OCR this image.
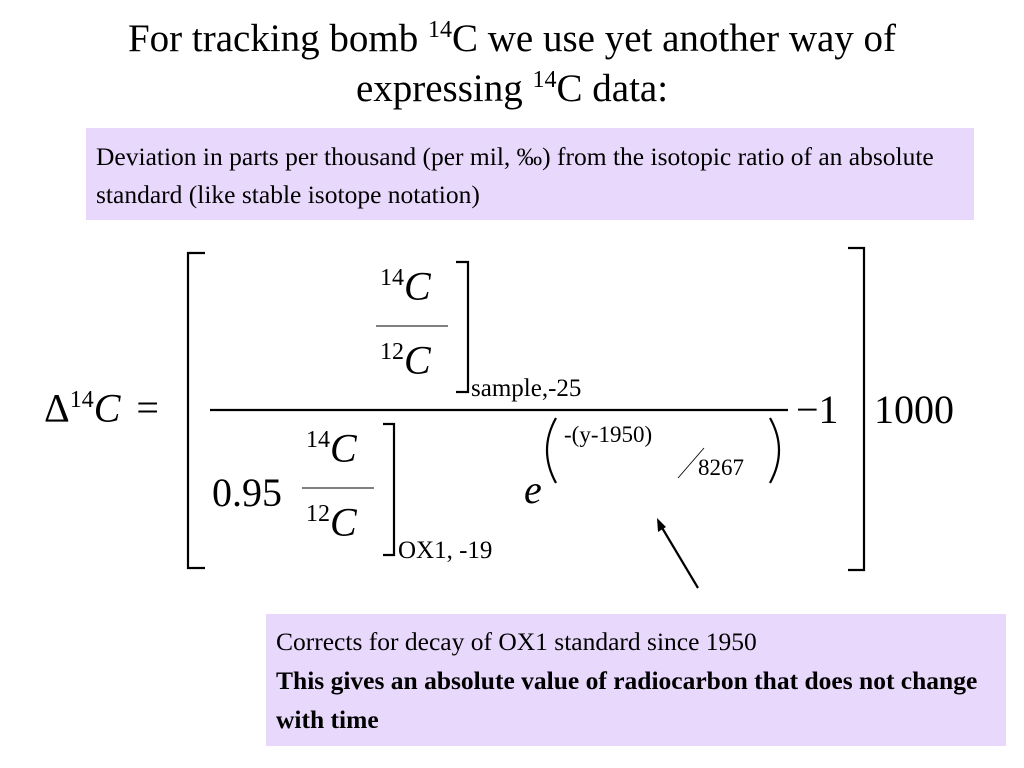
For tracking bomb $^{14}$C we use yet another way of
expressing $^{14}$C data:
Deviation in parts per thousand (per mil, ‰) from the isotopic ratio of an absolute standard (like stable isotope notation)
$\Delta^{14}C$ =
$^{14}$C
$^{12}$C
sample,-25
0.95
$^{14}$C
$^{12}$C
OX1, -19
e
-(y-1950)
8267
−1 1000
Corrects for decay of OX1 standard since 1950
This gives an absolute value of radiocarbon that does not change with time
